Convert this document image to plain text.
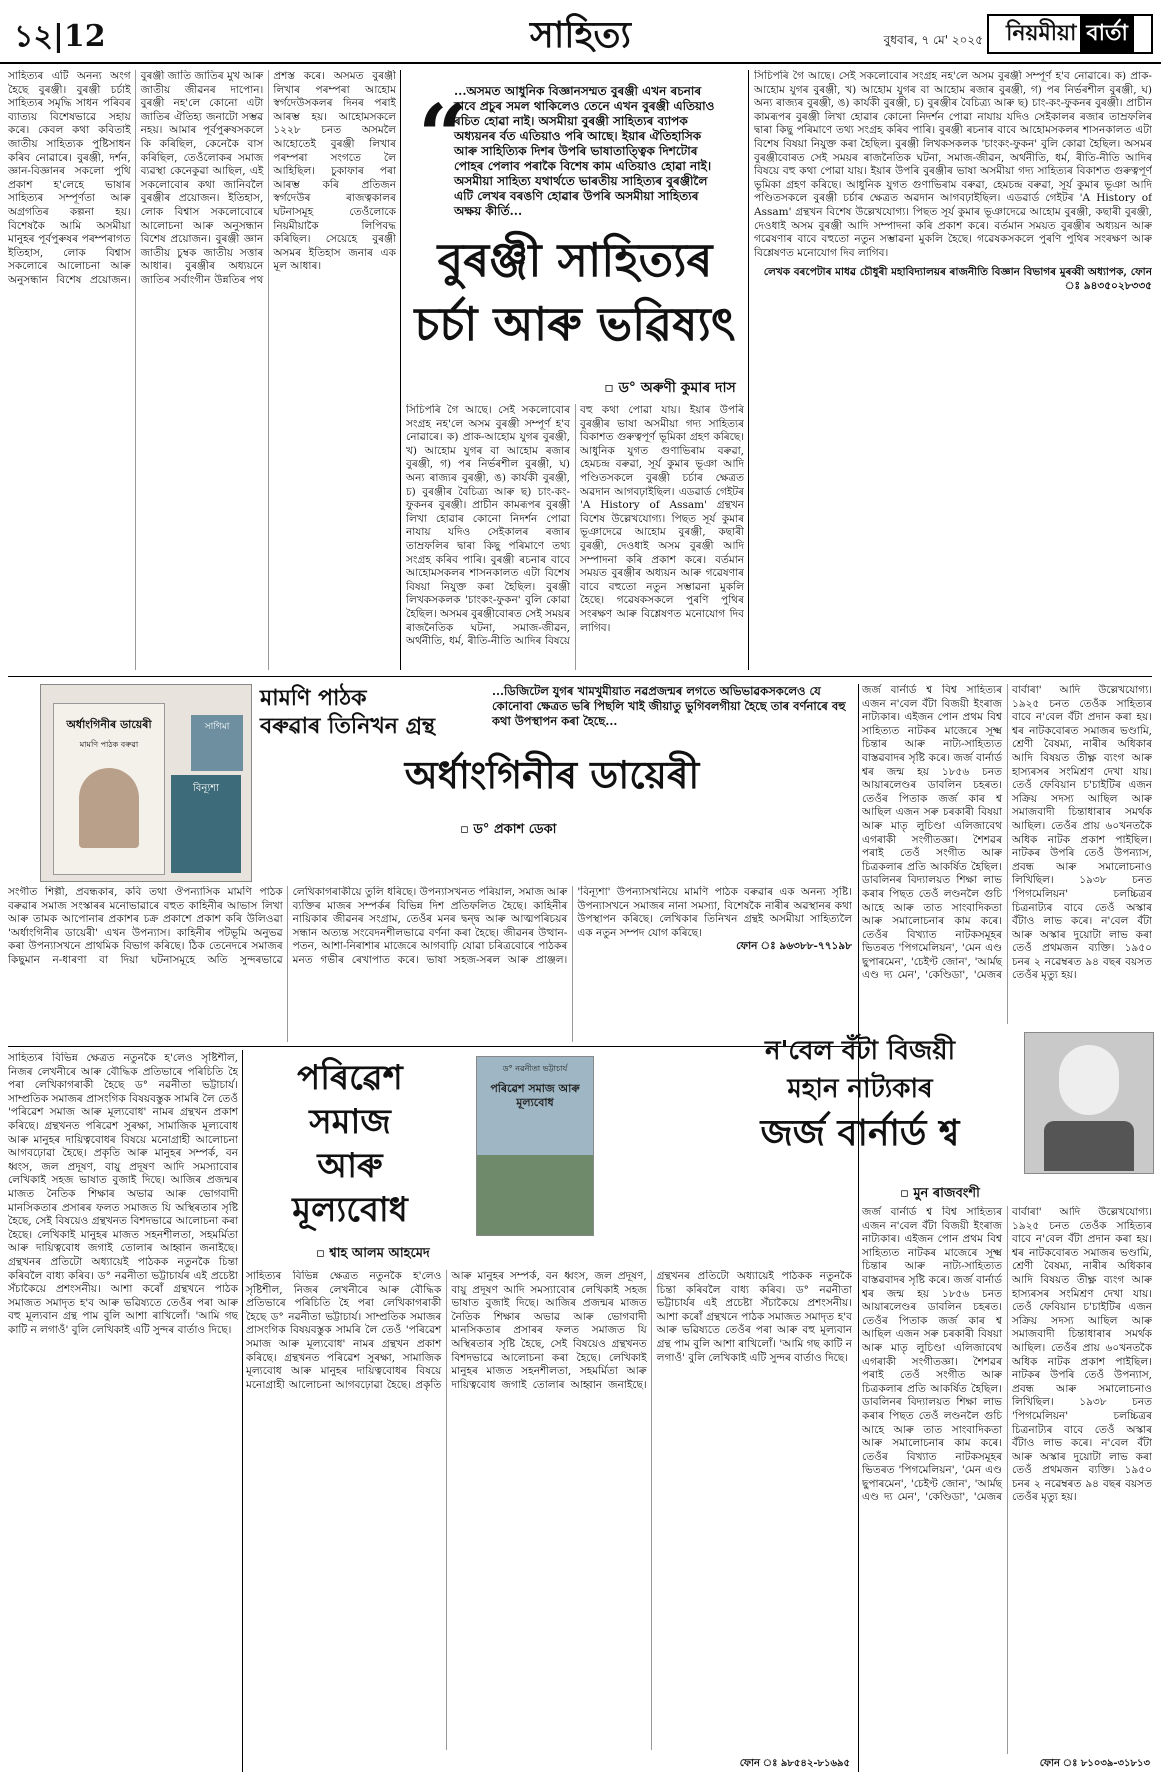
১২|12	সাহিত্য	বুধবাৰ, ৭ মে' ২০২৫ নিয়মীয়া বাৰ্তা
“
...অসমত আধুনিক বিজ্ঞানসম্মত বুৰঞ্জী এখন ৰচনাৰ বাবে প্ৰচুৰ সমল থাকিলেও তেনে এখন বুৰঞ্জী এতিয়াও ৰচিত হোৱা নাই। অসমীয়া বুৰঞ্জী সাহিত্যৰ ব্যাপক অধ্যয়নৰ ৰ্বত এতিয়াও পৰি আছে। ইয়াৰ ঐতিহাসিক আৰু সাহিত্যিক দিশৰ উপৰি ভাষাতাত্ত্বিক দিশটোৰ পোহৰ পেলাব পৰাকৈ বিশেষ কাম এতিয়াও হোৱা নাই। অসমীয়া সাহিত্য যথাৰ্থতে ভাৰতীয় সাহিত্যৰ বুৰঞ্জীলৈ এটি লেখৰ বৰঙণি হোৱাৰ উপৰি অসমীয়া সাহিত্যৰ অক্ষয় কীৰ্তি...
বুৰঞ্জী সাহিত্যৰ
চৰ্চা আৰু ভৱিষ্যৎ
▫ ড° অৰুণী কুমাৰ দাস
সাহিত্যৰ এটি অনন্য অংগ হৈছে বুৰঞ্জী। বুৰঞ্জী চৰ্চাই সাহিত্যৰ সমৃদ্ধি সাধন পৰিবৰ ব্যাত্যয় বিশেষভাৱে সহায় কৰে। কেবল কথা কবিতাই জাতীয় সাহিত্যক পুষ্টিসাধন কৰিব নোৱাৰে। বুৰঞ্জী, দৰ্শন, জ্ঞান-বিজ্ঞানৰ সকলো পুথি প্ৰকাশ হ'লেহে ভাষাৰ সাহিত্যৰ সম্পূৰ্ণতা আৰু অগ্ৰগতিৰ কল্পনা হয়। বিশেষকৈ আমি অসমীয়া মানুহৰ পূৰ্বপুৰুষৰ পৰম্পৰাগত ইতিহাস, লোক বিশ্বাস সকলোৰে আলোচনা আৰু অনুসন্ধান বিশেষ প্ৰয়োজন। বুৰঞ্জী জাতি জাতিৰ মুখ আৰু জাতীয় জীৱনৰ দাপোন। বুৰঞ্জী নহ'লে কোনো এটা জাতিৰ ঐতিহ্য জনাটো সম্ভৱ নহয়। আমাৰ পূৰ্বপুৰুষসকলে কি কৰিছিল, কেনেকৈ বাস কৰিছিল, তেওঁলোকৰ সমাজ ব্যৱস্থা কেনেকুৱা আছিল, এই সকলোবোৰ কথা জানিবলৈ বুৰঞ্জীৰ প্ৰয়োজন। ইতিহাস, লোক বিশ্বাস সকলোবোৰে আলোচনা আৰু অনুসন্ধান বিশেষ প্ৰয়োজন। বুৰঞ্জী জ্ঞান জাতীয় চুম্বক জাতীয় সত্তাৰ আধাৰ। বুৰঞ্জীৰ অধ্যয়নে জাতিৰ সৰ্বাংগীন উন্নতিৰ পথ প্ৰশস্ত কৰে। অসমত বুৰঞ্জী লিখাৰ পৰম্পৰা আহোম স্বৰ্গদেউসকলৰ দিনৰ পৰাই আৰম্ভ হয়। আহোমসকলে ১২২৮ চনত অসমলৈ আহোতেই বুৰঞ্জী লিখাৰ পৰম্পৰা সংগতে লৈ আহিছিল। চুকাফাৰ পৰা আৰম্ভ কৰি প্ৰতিজন স্বৰ্গদেউৰ ৰাজত্বকালৰ ঘটনাসমূহ তেওঁলোকে নিয়মীয়াকৈ লিপিবদ্ধ কৰিছিল। সেয়েহে বুৰঞ্জী অসমৰ ইতিহাস জনাৰ এক মূল আধাৰ।
সিচিপৰি গৈ আছে। সেই সকলোবোৰ সংগ্ৰহ নহ'লে অসম বুৰঞ্জী সম্পূৰ্ণ হ'ব নোৱাৰে। ক) প্ৰাক-আহোম যুগৰ বুৰঞ্জী, খ) আহোম যুগৰ বা আহোম ৰজাৰ বুৰঞ্জী, গ) পৰ নিৰ্ভৰশীল বুৰঞ্জী, ঘ) অন্য ৰাজ্যৰ বুৰঞ্জী, ঙ) কাৰ্যকী বুৰঞ্জী, চ) বুৰঞ্জীৰ বৈচিত্ৰ্য আৰু ছ) চাং-কং-ফুকনৰ বুৰঞ্জী। প্ৰাচীন কামৰূপৰ বুৰঞ্জী লিখা হোৱাৰ কোনো নিদৰ্শন পোৱা নাযায় যদিও সেইকালৰ ৰজাৰ তাম্ৰফলিৰ দ্বাৰা কিছু পৰিমাণে তথ্য সংগ্ৰহ কৰিব পাৰি। বুৰঞ্জী ৰচনাৰ বাবে আহোমসকলৰ শাসনকালত এটা বিশেষ বিষয়া নিযুক্ত কৰা হৈছিল। বুৰঞ্জী লিখকসকলক 'চাংকং-ফুকন' বুলি কোৱা হৈছিল। অসমৰ বুৰঞ্জীবোৰত সেই সময়ৰ ৰাজনৈতিক ঘটনা, সমাজ-জীৱন, অৰ্থনীতি, ধৰ্ম, ৰীতি-নীতি আদিৰ বিষয়ে বহু কথা পোৱা যায়। ইয়াৰ উপৰি বুৰঞ্জীৰ ভাষা অসমীয়া গদ্য সাহিত্যৰ বিকাশত গুৰুত্বপূৰ্ণ ভূমিকা গ্ৰহণ কৰিছে। আধুনিক যুগত গুণাভিৰাম বৰুৱা, হেমচন্দ্ৰ বৰুৱা, সূৰ্য কুমাৰ ভূঞা আদি পণ্ডিতসকলে বুৰঞ্জী চৰ্চাৰ ক্ষেত্ৰত অৱদান আগবঢ়াইছিল। এডৱাৰ্ড গেইটৰ 'A History of Assam' গ্ৰন্থখন বিশেষ উল্লেখযোগ্য। পিছত সূৰ্য কুমাৰ ভূঞাদেৱে আহোম বুৰঞ্জী, কছাৰী বুৰঞ্জী, দেওধাই অসম বুৰঞ্জী আদি সম্পাদনা কৰি প্ৰকাশ কৰে। বৰ্তমান সময়ত বুৰঞ্জীৰ অধ্যয়ন আৰু গৱেষণাৰ বাবে বহুতো নতুন সম্ভাৱনা মুকলি হৈছে। গৱেষকসকলে পুৰণি পুথিৰ সংৰক্ষণ আৰু বিশ্লেষণত মনোযোগ দিব লাগিব।
সিচিপৰি গৈ আছে। সেই সকলোবোৰ সংগ্ৰহ নহ'লে অসম বুৰঞ্জী সম্পূৰ্ণ হ'ব নোৱাৰে। ক) প্ৰাক-আহোম যুগৰ বুৰঞ্জী, খ) আহোম যুগৰ বা আহোম ৰজাৰ বুৰঞ্জী, গ) পৰ নিৰ্ভৰশীল বুৰঞ্জী, ঘ) অন্য ৰাজ্যৰ বুৰঞ্জী, ঙ) কাৰ্যকী বুৰঞ্জী, চ) বুৰঞ্জীৰ বৈচিত্ৰ্য আৰু ছ) চাং-কং-ফুকনৰ বুৰঞ্জী। প্ৰাচীন কামৰূপৰ বুৰঞ্জী লিখা হোৱাৰ কোনো নিদৰ্শন পোৱা নাযায় যদিও সেইকালৰ ৰজাৰ তাম্ৰফলিৰ দ্বাৰা কিছু পৰিমাণে তথ্য সংগ্ৰহ কৰিব পাৰি। বুৰঞ্জী ৰচনাৰ বাবে আহোমসকলৰ শাসনকালত এটা বিশেষ বিষয়া নিযুক্ত কৰা হৈছিল। বুৰঞ্জী লিখকসকলক 'চাংকং-ফুকন' বুলি কোৱা হৈছিল। অসমৰ বুৰঞ্জীবোৰত সেই সময়ৰ ৰাজনৈতিক ঘটনা, সমাজ-জীৱন, অৰ্থনীতি, ধৰ্ম, ৰীতি-নীতি আদিৰ বিষয়ে বহু কথা পোৱা যায়। ইয়াৰ উপৰি বুৰঞ্জীৰ ভাষা অসমীয়া গদ্য সাহিত্যৰ বিকাশত গুৰুত্বপূৰ্ণ ভূমিকা গ্ৰহণ কৰিছে। আধুনিক যুগত গুণাভিৰাম বৰুৱা, হেমচন্দ্ৰ বৰুৱা, সূৰ্য কুমাৰ ভূঞা আদি পণ্ডিতসকলে বুৰঞ্জী চৰ্চাৰ ক্ষেত্ৰত অৱদান আগবঢ়াইছিল। এডৱাৰ্ড গেইটৰ 'A History of Assam' গ্ৰন্থখন বিশেষ উল্লেখযোগ্য। পিছত সূৰ্য কুমাৰ ভূঞাদেৱে আহোম বুৰঞ্জী, কছাৰী বুৰঞ্জী, দেওধাই অসম বুৰঞ্জী আদি সম্পাদনা কৰি প্ৰকাশ কৰে। বৰ্তমান সময়ত বুৰঞ্জীৰ অধ্যয়ন আৰু গৱেষণাৰ বাবে বহুতো নতুন সম্ভাৱনা মুকলি হৈছে। গৱেষকসকলে পুৰণি পুথিৰ সংৰক্ষণ আৰু বিশ্লেষণত মনোযোগ দিব লাগিব।
লেখক বৰপেটাৰ মাধৱ চৌধুৰী মহাবিদ্যালয়ৰ ৰাজনীতি বিজ্ঞান বিভাগৰ মুৰব্বী অধ্যাপক, ফোন ঃ ৯৪৩৫০২৮৩৩৫
অৰ্ধাংগিনীৰ ডায়েৰী
মামণি পাঠক বৰুৱা
বিন্যূশা
সাগিমা
মামণি পাঠক
বৰুৱাৰ তিনিখন গ্ৰন্থ
...ডিজিটেল যুগৰ খামখুমীয়াত নৱপ্ৰজন্মৰ লগতে অভিভাৱকসকলেও যে কোনোবা ক্ষেত্ৰত ভৰি পিছলি খাই জীয়াতু ভুগিবলগীয়া হৈছে তাৰ বৰ্ণনাৰে বহু কথা উপস্থাপন কৰা হৈছে...
অৰ্ধাংগিনীৰ ডায়েৰী
▫ ড° প্ৰকাশ ডেকা
সংগীত শিল্পী, প্ৰবন্ধকাৰ, কবি তথা ঔপন্যাসিক মামণি পাঠক বৰুৱাৰ সমাজ সংস্কাৰৰ মনোভাৱাৰে বহুত কাহিনীৰ আভাস লিখা আৰু তামক আপোনাৰ প্ৰকাশৰ চক্ৰ প্ৰকাশে প্ৰকাশ কৰি উলিওৱা 'অৰ্ধাংগিনীৰ ডায়েৰী' এখন উপন্যাস। কাহিনীৰ পটভূমি অনুভৱ কৰা উপন্যাসখনে প্ৰাথমিক বিভাগ কৰিছে। ঠিক তেনেদৰে সমাজৰ কিছুমান ন-ধাৰণা বা দিয়া ঘটনাসমূহে অতি সুন্দৰভাৱে লেখিকাগৰাকীয়ে তুলি ধৰিছে। উপন্যাসখনত পৰিয়াল, সমাজ আৰু ব্যক্তিৰ মাজৰ সম্পৰ্কৰ বিভিন্ন দিশ প্ৰতিফলিত হৈছে। কাহিনীৰ নায়িকাৰ জীৱনৰ সংগ্ৰাম, তেওঁৰ মনৰ দ্বন্দ্ব আৰু আত্মপৰিচয়ৰ সন্ধান অত্যন্ত সংবেদনশীলভাৱে বৰ্ণনা কৰা হৈছে। জীৱনৰ উত্থান-পতন, আশা-নিৰাশাৰ মাজেৰে আগবাঢ়ি যোৱা চৰিত্ৰবোৰে পাঠকৰ মনত গভীৰ ৰেখাপাত কৰে। ভাষা সহজ-সৰল আৰু প্ৰাঞ্জল। 'বিন্যূশা' উপন্যাসখনিয়ে মামণি পাঠক বৰুৱাৰ এক অনন্য সৃষ্টি। উপন্যাসখনে সমাজৰ নানা সমস্যা, বিশেষকৈ নাৰীৰ অৱস্থানৰ কথা উপস্থাপন কৰিছে। লেখিকাৰ তিনিখন গ্ৰন্থই অসমীয়া সাহিত্যলৈ এক নতুন সম্পদ যোগ কৰিছে।
ফোন ঃ ৯৬৩৮৮-৭৭১৯৮
পৰিৱেশ
সমাজ
আৰু
মূল্যবোধ
ড° নৱনীতা ভট্টাচাৰ্য
পৰিৱেশ সমাজ আৰু মূল্যবোধ
▫ শ্বাহ আলম আহমেদ
সাহিত্যৰ বিভিন্ন ক্ষেত্ৰত নতুনকৈ হ'লেও সৃষ্টিশীল, নিজৰ লেখনীৰে আৰু বৌদ্ধিক প্ৰতিভাৰে পৰিচিতি হৈ পৰা লেখিকাগৰাকী হৈছে ড° নৱনীতা ভট্টাচাৰ্য। সাম্প্ৰতিক সমাজৰ প্ৰাসংগিক বিষয়বস্তুক সামৰি লৈ তেওঁ 'পৰিৱেশ সমাজ আৰু মূল্যবোধ' নামৰ গ্ৰন্থখন প্ৰকাশ কৰিছে। গ্ৰন্থখনত পৰিৱেশ সুৰক্ষা, সামাজিক মূল্যবোধ আৰু মানুহৰ দায়িত্ববোধৰ বিষয়ে মনোগ্ৰাহী আলোচনা আগবঢ়োৱা হৈছে। প্ৰকৃতি আৰু মানুহৰ সম্পৰ্ক, বন ধ্বংস, জল প্ৰদূষণ, বায়ু প্ৰদূষণ আদি সমস্যাবোৰ লেখিকাই সহজ ভাষাত বুজাই দিছে। আজিৰ প্ৰজন্মৰ মাজত নৈতিক শিক্ষাৰ অভাৱ আৰু ভোগবাদী মানসিকতাৰ প্ৰসাৰৰ ফলত সমাজত যি অস্থিৰতাৰ সৃষ্টি হৈছে, সেই বিষয়েও গ্ৰন্থখনত বিশদভাৱে আলোচনা কৰা হৈছে। লেখিকাই মানুহৰ মাজত সহনশীলতা, সহমৰ্মিতা আৰু দায়িত্ববোধ জগাই তোলাৰ আহ্বান জনাইছে। গ্ৰন্থখনৰ প্ৰতিটো অধ্যায়েই পাঠকক নতুনকৈ চিন্তা কৰিবলৈ বাধ্য কৰিব। ড° নৱনীতা ভট্টাচাৰ্যৰ এই প্ৰচেষ্টা সঁচাকৈয়ে প্ৰশংসনীয়। আশা কৰোঁ গ্ৰন্থখনে পাঠক সমাজত সমাদৃত হ'ব আৰু ভৱিষ্যতে তেওঁৰ পৰা আৰু বহু মূল্যবান গ্ৰন্থ পাম বুলি আশা ৰাখিলোঁ। 'আমি গছ কাটি ন লগাওঁ' বুলি লেখিকাই এটি সুন্দৰ বাৰ্তাও দিছে।
সাহিত্যৰ বিভিন্ন ক্ষেত্ৰত নতুনকৈ হ'লেও সৃষ্টিশীল, নিজৰ লেখনীৰে আৰু বৌদ্ধিক প্ৰতিভাৰে পৰিচিতি হৈ পৰা লেখিকাগৰাকী হৈছে ড° নৱনীতা ভট্টাচাৰ্য। সাম্প্ৰতিক সমাজৰ প্ৰাসংগিক বিষয়বস্তুক সামৰি লৈ তেওঁ 'পৰিৱেশ সমাজ আৰু মূল্যবোধ' নামৰ গ্ৰন্থখন প্ৰকাশ কৰিছে। গ্ৰন্থখনত পৰিৱেশ সুৰক্ষা, সামাজিক মূল্যবোধ আৰু মানুহৰ দায়িত্ববোধৰ বিষয়ে মনোগ্ৰাহী আলোচনা আগবঢ়োৱা হৈছে। প্ৰকৃতি আৰু মানুহৰ সম্পৰ্ক, বন ধ্বংস, জল প্ৰদূষণ, বায়ু প্ৰদূষণ আদি সমস্যাবোৰ লেখিকাই সহজ ভাষাত বুজাই দিছে। আজিৰ প্ৰজন্মৰ মাজত নৈতিক শিক্ষাৰ অভাৱ আৰু ভোগবাদী মানসিকতাৰ প্ৰসাৰৰ ফলত সমাজত যি অস্থিৰতাৰ সৃষ্টি হৈছে, সেই বিষয়েও গ্ৰন্থখনত বিশদভাৱে আলোচনা কৰা হৈছে। লেখিকাই মানুহৰ মাজত সহনশীলতা, সহমৰ্মিতা আৰু দায়িত্ববোধ জগাই তোলাৰ আহ্বান জনাইছে। গ্ৰন্থখনৰ প্ৰতিটো অধ্যায়েই পাঠকক নতুনকৈ চিন্তা কৰিবলৈ বাধ্য কৰিব। ড° নৱনীতা ভট্টাচাৰ্যৰ এই প্ৰচেষ্টা সঁচাকৈয়ে প্ৰশংসনীয়। আশা কৰোঁ গ্ৰন্থখনে পাঠক সমাজত সমাদৃত হ'ব আৰু ভৱিষ্যতে তেওঁৰ পৰা আৰু বহু মূল্যবান গ্ৰন্থ পাম বুলি আশা ৰাখিলোঁ। 'আমি গছ কাটি ন লগাওঁ' বুলি লেখিকাই এটি সুন্দৰ বাৰ্তাও দিছে।
ফোন ঃ ৯৮৫৪২-৮১৬৯৫
জৰ্জ বাৰ্নাৰ্ড শ্ব বিশ্ব সাহিত্যৰ এজন ন'বেল বঁটা বিজয়ী ইংৰাজ নাট্যকাৰ। এইজন পোন প্ৰথম বিশ্ব সাহিত্যত নাটকৰ মাজেৰে সূক্ষ্ম চিন্তাৰ আৰু নাট্য-সাহিত্যত বাস্তৱবাদৰ সৃষ্টি কৰে। জৰ্জ বাৰ্নাৰ্ড শ্বৰ জন্ম হয় ১৮৫৬ চনত আয়াৰলেণ্ডৰ ডাবলিন চহৰত। তেওঁৰ পিতাক জৰ্জ কাৰ শ্ব আছিল এজন সৰু চৰকাৰী বিষয়া আৰু মাতৃ লুচিণ্ডা এলিজাবেথ এগৰাকী সংগীতজ্ঞা। শৈশৱৰ পৰাই তেওঁ সংগীত আৰু চিত্ৰকলাৰ প্ৰতি আকৰ্ষিত হৈছিল। ডাবলিনৰ বিদ্যালয়ত শিক্ষা লাভ কৰাৰ পিছত তেওঁ লণ্ডনলৈ গুচি আহে আৰু তাত সাংবাদিকতা আৰু সমালোচনাৰ কাম কৰে। তেওঁৰ বিখ্যাত নাটকসমূহৰ ভিতৰত 'পিগমেলিয়ন', 'মেন এণ্ড ছুপাৰমেন', 'চেইণ্ট জোন', 'আৰ্মছ এণ্ড দ্য মেন', 'কেণ্ডিডা', 'মেজৰ বাৰ্বাৰা' আদি উল্লেখযোগ্য। ১৯২৫ চনত তেওঁক সাহিত্যৰ বাবে ন'বেল বঁটা প্ৰদান কৰা হয়। শ্বৰ নাটকবোৰত সমাজৰ ভণ্ডামি, শ্ৰেণী বৈষম্য, নাৰীৰ অধিকাৰ আদি বিষয়ত তীক্ষ্ণ ব্যংগ আৰু হাস্যৰসৰ সংমিশ্ৰণ দেখা যায়। তেওঁ ফেবিয়ান চ'চাইটিৰ এজন সক্ৰিয় সদস্য আছিল আৰু সমাজবাদী চিন্তাধাৰাৰ সমৰ্থক আছিল। তেওঁৰ প্ৰায় ৬০খনতকৈ অধিক নাটক প্ৰকাশ পাইছিল। নাটকৰ উপৰি তেওঁ উপন্যাস, প্ৰবন্ধ আৰু সমালোচনাও লিখিছিল। ১৯৩৮ চনত 'পিগমেলিয়ন' চলচ্চিত্ৰৰ চিত্ৰনাট্যৰ বাবে তেওঁ অস্কাৰ বঁটাও লাভ কৰে। ন'বেল বঁটা আৰু অস্কাৰ দুয়োটা লাভ কৰা তেওঁ প্ৰথমজন ব্যক্তি। ১৯৫০ চনৰ ২ নৱেম্বৰত ৯৪ বছৰ বয়সত তেওঁৰ মৃত্যু হয়।
ন'বেল বঁটা বিজয়ী
মহান নাট্যকাৰ
জৰ্জ বাৰ্নাৰ্ড শ্ব
▫ মুন ৰাজবংশী
জৰ্জ বাৰ্নাৰ্ড শ্ব বিশ্ব সাহিত্যৰ এজন ন'বেল বঁটা বিজয়ী ইংৰাজ নাট্যকাৰ। এইজন পোন প্ৰথম বিশ্ব সাহিত্যত নাটকৰ মাজেৰে সূক্ষ্ম চিন্তাৰ আৰু নাট্য-সাহিত্যত বাস্তৱবাদৰ সৃষ্টি কৰে। জৰ্জ বাৰ্নাৰ্ড শ্বৰ জন্ম হয় ১৮৫৬ চনত আয়াৰলেণ্ডৰ ডাবলিন চহৰত। তেওঁৰ পিতাক জৰ্জ কাৰ শ্ব আছিল এজন সৰু চৰকাৰী বিষয়া আৰু মাতৃ লুচিণ্ডা এলিজাবেথ এগৰাকী সংগীতজ্ঞা। শৈশৱৰ পৰাই তেওঁ সংগীত আৰু চিত্ৰকলাৰ প্ৰতি আকৰ্ষিত হৈছিল। ডাবলিনৰ বিদ্যালয়ত শিক্ষা লাভ কৰাৰ পিছত তেওঁ লণ্ডনলৈ গুচি আহে আৰু তাত সাংবাদিকতা আৰু সমালোচনাৰ কাম কৰে। তেওঁৰ বিখ্যাত নাটকসমূহৰ ভিতৰত 'পিগমেলিয়ন', 'মেন এণ্ড ছুপাৰমেন', 'চেইণ্ট জোন', 'আৰ্মছ এণ্ড দ্য মেন', 'কেণ্ডিডা', 'মেজৰ বাৰ্বাৰা' আদি উল্লেখযোগ্য। ১৯২৫ চনত তেওঁক সাহিত্যৰ বাবে ন'বেল বঁটা প্ৰদান কৰা হয়। শ্বৰ নাটকবোৰত সমাজৰ ভণ্ডামি, শ্ৰেণী বৈষম্য, নাৰীৰ অধিকাৰ আদি বিষয়ত তীক্ষ্ণ ব্যংগ আৰু হাস্যৰসৰ সংমিশ্ৰণ দেখা যায়। তেওঁ ফেবিয়ান চ'চাইটিৰ এজন সক্ৰিয় সদস্য আছিল আৰু সমাজবাদী চিন্তাধাৰাৰ সমৰ্থক আছিল। তেওঁৰ প্ৰায় ৬০খনতকৈ অধিক নাটক প্ৰকাশ পাইছিল। নাটকৰ উপৰি তেওঁ উপন্যাস, প্ৰবন্ধ আৰু সমালোচনাও লিখিছিল। ১৯৩৮ চনত 'পিগমেলিয়ন' চলচ্চিত্ৰৰ চিত্ৰনাট্যৰ বাবে তেওঁ অস্কাৰ বঁটাও লাভ কৰে। ন'বেল বঁটা আৰু অস্কাৰ দুয়োটা লাভ কৰা তেওঁ প্ৰথমজন ব্যক্তি। ১৯৫০ চনৰ ২ নৱেম্বৰত ৯৪ বছৰ বয়সত তেওঁৰ মৃত্যু হয়।
ফোন ঃ ৮১০৩৯-৩১৮১৩
